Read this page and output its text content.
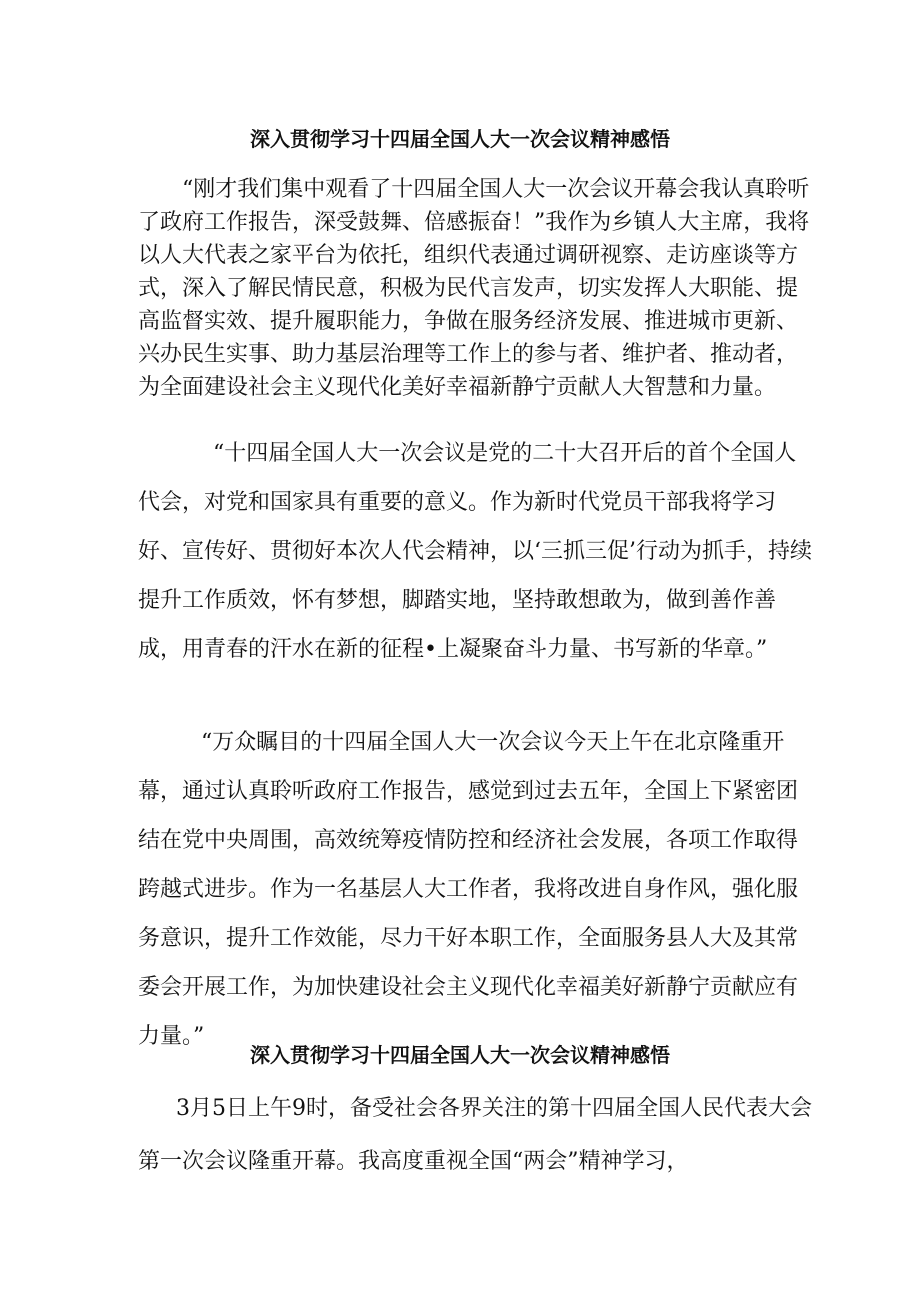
深入贯彻学习十四届全国人大一次会议精神感悟

“刚才我们集中观看了十四届全国人大一次会议开幕会我认真聆听了政府工作报告，深受鼓舞、倍感振奋！”我作为乡镇人大主席，我将以人大代表之家平台为依托，组织代表通过调研视察、走访座谈等方式，深入了解民情民意，积极为民代言发声，切实发挥人大职能、提高监督实效、提升履职能力，争做在服务经济发展、推进城市更新、兴办民生实事、助力基层治理等工作上的参与者、维护者、推动者，为全面建设社会主义现代化美好幸福新静宁贡献人大智慧和力量。

“十四届全国人大一次会议是党的二十大召开后的首个全国人代会，对党和国家具有重要的意义。作为新时代党员干部我将学习好、宣传好、贯彻好本次人代会精神，以‘三抓三促’行动为抓手，持续提升工作质效，怀有梦想，脚踏实地，坚持敢想敢为，做到善作善成，用青春的汗水在新的征程•上凝聚奋斗力量、书写新的华章。”

“万众瞩目的十四届全国人大一次会议今天上午在北京隆重开幕，通过认真聆听政府工作报告，感觉到过去五年，全国上下紧密团结在党中央周围，高效统筹疫情防控和经济社会发展，各项工作取得跨越式进步。作为一名基层人大工作者，我将改进自身作风，强化服务意识，提升工作效能，尽力干好本职工作，全面服务县人大及其常委会开展工作，为加快建设社会主义现代化幸福美好新静宁贡献应有力量。”

深入贯彻学习十四届全国人大一次会议精神感悟

3月5日上午9时，备受社会各界关注的第十四届全国人民代表大会第一次会议隆重开幕。我高度重视全国“两会”精神学习，
